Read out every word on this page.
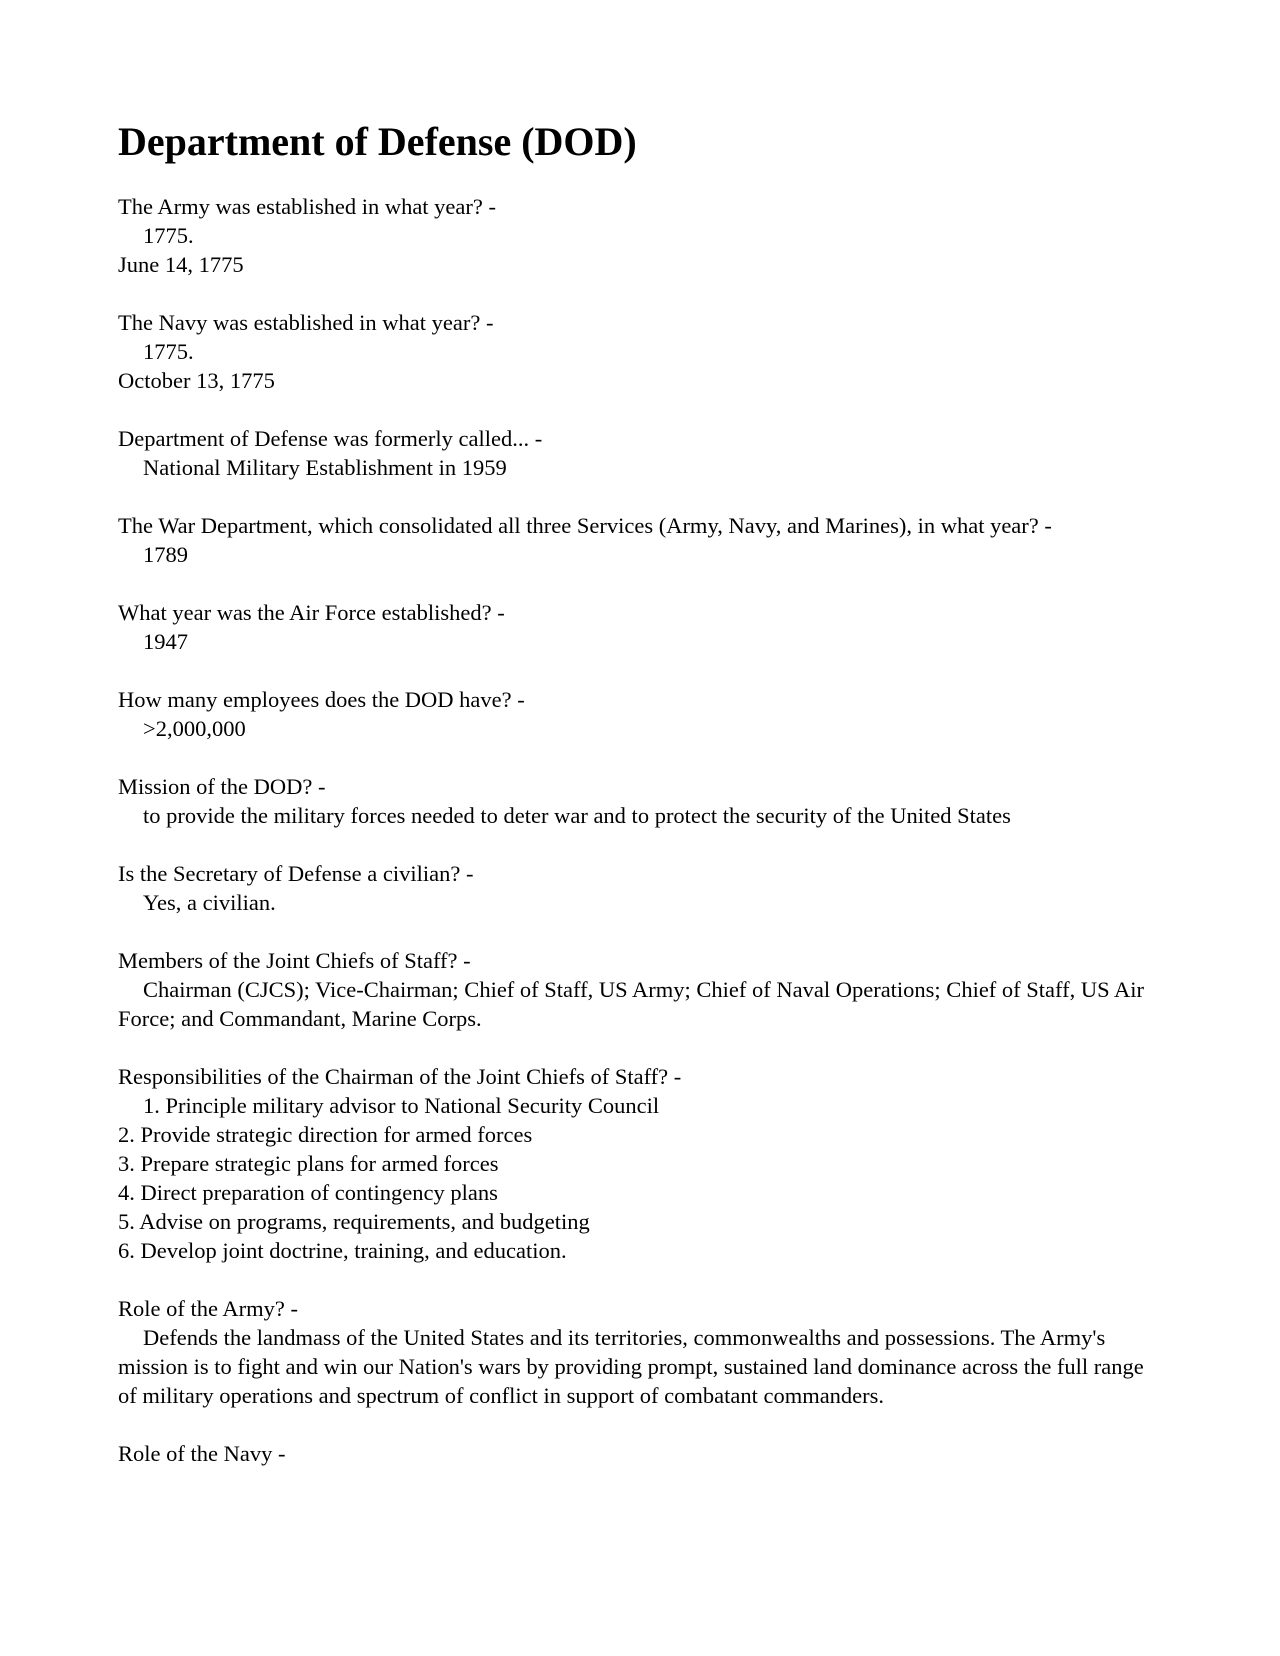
Department of Defense (DOD)

The Army was established in what year? -

1775.

June 14, 1775

The Navy was established in what year? -

1775.

October 13, 1775

Department of Defense was formerly called... -

National Military Establishment in 1959

The War Department, which consolidated all three Services (Army, Navy, and Marines), in what year? -

1789

What year was the Air Force established? -

1947

How many employees does the DOD have? -

>2,000,000

Mission of the DOD? -

to provide the military forces needed to deter war and to protect the security of the United States

Is the Secretary of Defense a civilian? -

Yes, a civilian.

Members of the Joint Chiefs of Staff? -

Chairman (CJCS); Vice-Chairman; Chief of Staff, US Army; Chief of Naval Operations; Chief of Staff, US Air Force; and Commandant, Marine Corps.

Responsibilities of the Chairman of the Joint Chiefs of Staff? -

1. Principle military advisor to National Security Council

2. Provide strategic direction for armed forces

3. Prepare strategic plans for armed forces

4. Direct preparation of contingency plans

5. Advise on programs, requirements, and budgeting

6. Develop joint doctrine, training, and education.

Role of the Army? -

Defends the landmass of the United States and its territories, commonwealths and possessions. The Army's mission is to fight and win our Nation's wars by providing prompt, sustained land dominance across the full range of military operations and spectrum of conflict in support of combatant commanders.

Role of the Navy -
